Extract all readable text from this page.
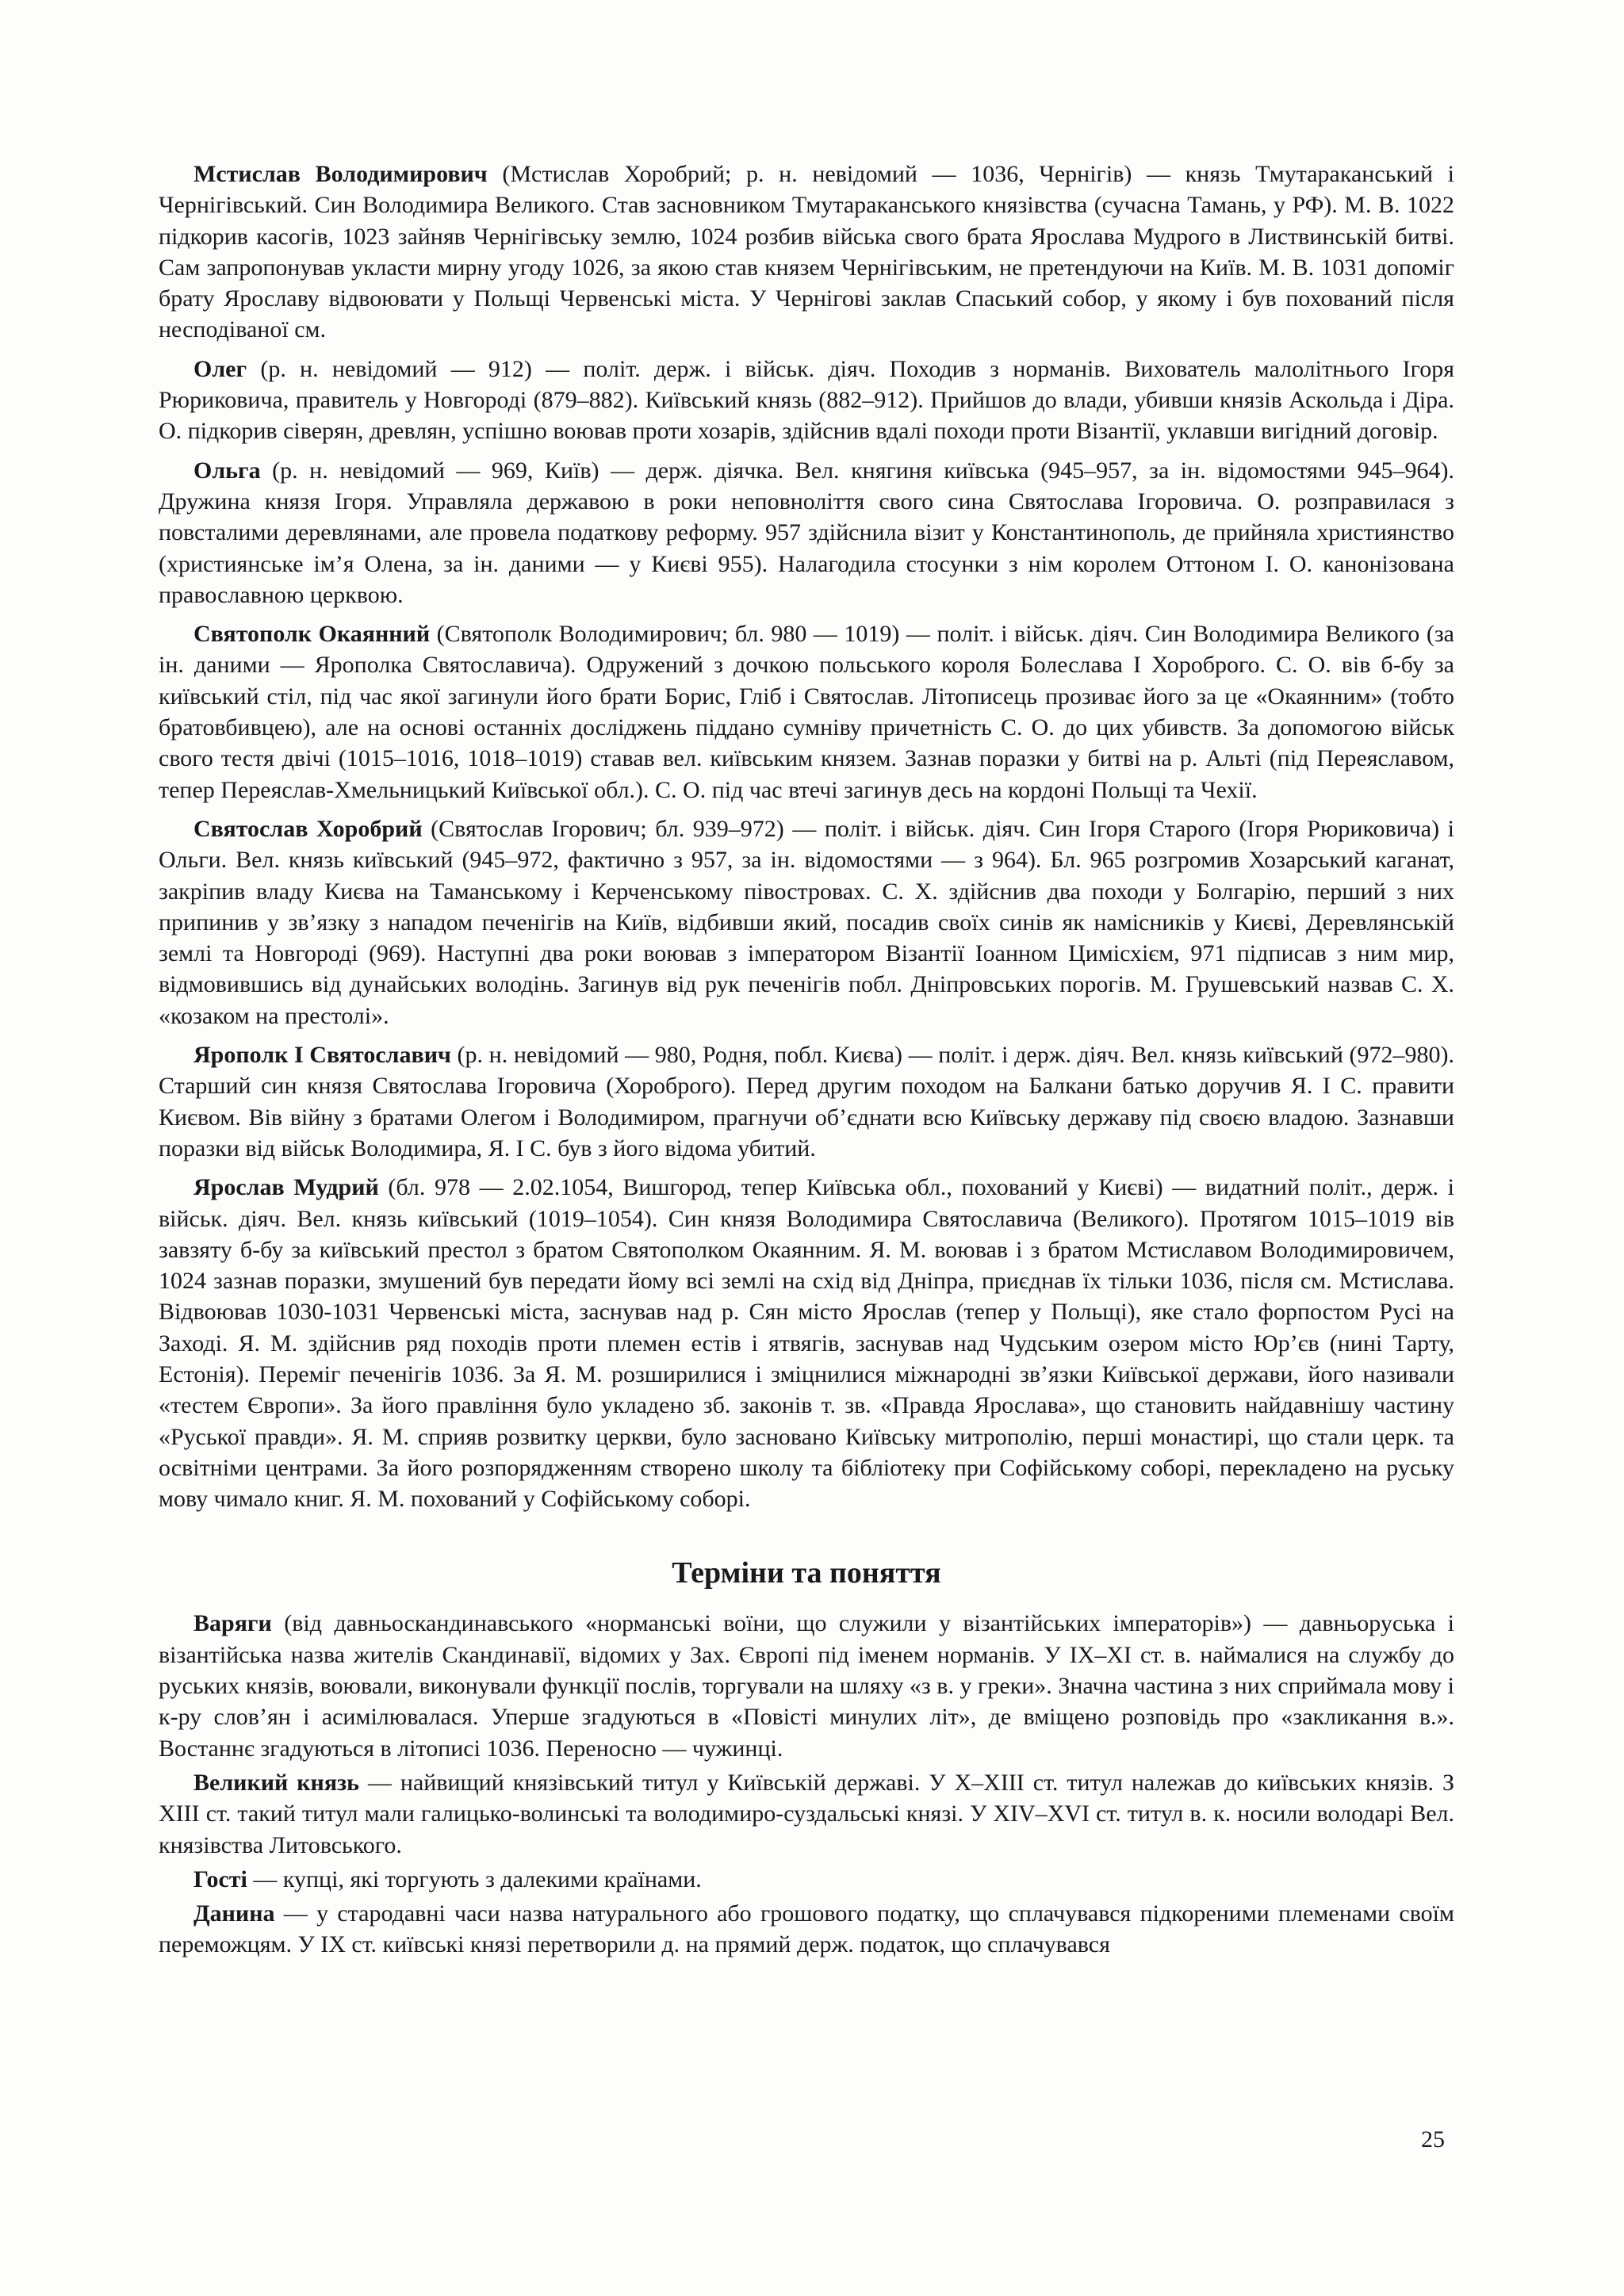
Мстислав Володимирович (Мстислав Хоробрий; р. н. невідомий — 1036, Чернігів) — князь Тмутараканський і Чернігівський. Син Володимира Великого. Став засновником Тмутараканського князівства (сучасна Тамань, у РФ). М. В. 1022 підкорив касогів, 1023 зайняв Чернігівську землю, 1024 розбив війська свого брата Ярослава Мудрого в Листвинській битві. Сам запропонував укласти мирну угоду 1026, за якою став князем Чернігівським, не претендуючи на Київ. М. В. 1031 допоміг брату Ярославу відвоювати у Польщі Червенські міста. У Чернігові заклав Спаський собор, у якому і був похований після несподіваної см.

Олег (р. н. невідомий — 912) — політ. держ. і військ. діяч. Походив з норманів. Вихователь малолітнього Ігоря Рюриковича, правитель у Новгороді (879–882). Київський князь (882–912). Прийшов до влади, убивши князів Аскольда і Діра. О. підкорив сіверян, древлян, успішно воював проти хозарів, здійснив вдалі походи проти Візантії, уклавши вигідний договір.

Ольга (р. н. невідомий — 969, Київ) — держ. діячка. Вел. княгиня київська (945–957, за ін. відомостями 945–964). Дружина князя Ігоря. Управляла державою в роки неповноліття свого сина Святослава Ігоровича. О. розправилася з повсталими деревлянами, але провела податкову реформу. 957 здійснила візит у Константинополь, де прийняла християнство (християнське ім’я Олена, за ін. даними — у Києві 955). Налагодила стосунки з нім королем Оттоном I. О. канонізована православною церквою.

Святополк Окаянний (Святополк Володимирович; бл. 980 — 1019) — політ. і військ. діяч. Син Володимира Великого (за ін. даними — Ярополка Святославича). Одружений з дочкою польського короля Болеслава I Хороброго. С. О. вів б-бу за київський стіл, під час якої загинули його брати Борис, Гліб і Святослав. Літописець прозиває його за це «Окаянним» (тобто братовбивцею), але на основі останніх досліджень піддано сумніву причетність С. О. до цих убивств. За допомогою військ свого тестя двічі (1015–1016, 1018–1019) ставав вел. київським князем. Зазнав поразки у битві на р. Альті (під Переяславом, тепер Переяслав-Хмельницький Київської обл.). С. О. під час втечі загинув десь на кордоні Польщі та Чехії.

Святослав Хоробрий (Святослав Ігорович; бл. 939–972) — політ. і військ. діяч. Син Ігоря Старого (Ігоря Рюриковича) і Ольги. Вел. князь київський (945–972, фактично з 957, за ін. відомостями — з 964). Бл. 965 розгромив Хозарський каганат, закріпив владу Києва на Таманському і Керченському півостровах. С. Х. здійснив два походи у Болгарію, перший з них припинив у зв’язку з нападом печенігів на Київ, відбивши який, посадив своїх синів як намісників у Києві, Деревлянській землі та Новгороді (969). Наступні два роки воював з імператором Візантії Іоанном Цимісхієм, 971 підписав з ним мир, відмовившись від дунайських володінь. Загинув від рук печенігів побл. Дніпровських порогів. М. Грушевський назвав С. Х. «козаком на престолі».

Ярополк I Святославич (р. н. невідомий — 980, Родня, побл. Києва) — політ. і держ. діяч. Вел. князь київський (972–980). Старший син князя Святослава Ігоровича (Хороброго). Перед другим походом на Балкани батько доручив Я. I С. правити Києвом. Вів війну з братами Олегом і Володимиром, прагнучи об’єднати всю Київську державу під своєю владою. Зазнавши поразки від військ Володимира, Я. I С. був з його відома убитий.

Ярослав Мудрий (бл. 978 — 2.02.1054, Вишгород, тепер Київська обл., похований у Києві) — видатний політ., держ. і військ. діяч. Вел. князь київський (1019–1054). Син князя Володимира Святославича (Великого). Протягом 1015–1019 вів завзяту б-бу за київський престол з братом Святополком Окаянним. Я. М. воював і з братом Мстиславом Володимировичем, 1024 зазнав поразки, змушений був передати йому всі землі на схід від Дніпра, приєднав їх тільки 1036, після см. Мстислава. Відвоював 1030-1031 Червенські міста, заснував над р. Сян місто Ярослав (тепер у Польщі), яке стало форпостом Русі на Заході. Я. М. здійснив ряд походів проти племен естів і ятвягів, заснував над Чудським озером місто Юр’єв (нині Тарту, Естонія). Переміг печенігів 1036. За Я. М. розширилися і зміцнилися міжнародні зв’язки Київської держави, його називали «тестем Європи». За його правління було укладено зб. законів т. зв. «Правда Ярослава», що становить найдавнішу частину «Руської правди». Я. М. сприяв розвитку церкви, було засновано Київську митрополію, перші монастирі, що стали церк. та освітніми центрами. За його розпорядженням створено школу та бібліотеку при Софійському соборі, перекладено на руську мову чимало книг. Я. М. похований у Софійському соборі.

Терміни та поняття

Варяги (від давньоскандинавського «норманські воїни, що служили у візантійських імператорів») — давньоруська і візантійська назва жителів Скандинавії, відомих у Зах. Європі під іменем норманів. У IX–XI ст. в. наймалися на службу до руських князів, воювали, виконували функції послів, торгували на шляху «з в. у греки». Значна частина з них сприймала мову і к-ру слов’ян і асимілювалася. Уперше згадуються в «Повісті минулих літ», де вміщено розповідь про «закликання в.». Востаннє згадуються в літописі 1036. Переносно — чужинці.

Великий князь — найвищий князівський титул у Київській державі. У X–XIII ст. титул належав до київських князів. З XIII ст. такий титул мали галицько-волинські та володимиро-суздальські князі. У XIV–XVI ст. титул в. к. носили володарі Вел. князівства Литовського.

Гості — купці, які торгують з далекими країнами.

Данина — у стародавні часи назва натурального або грошового податку, що сплачувався підкореними племенами своїм переможцям. У IX ст. київські князі перетворили д. на прямий держ. податок, що сплачувався

25
